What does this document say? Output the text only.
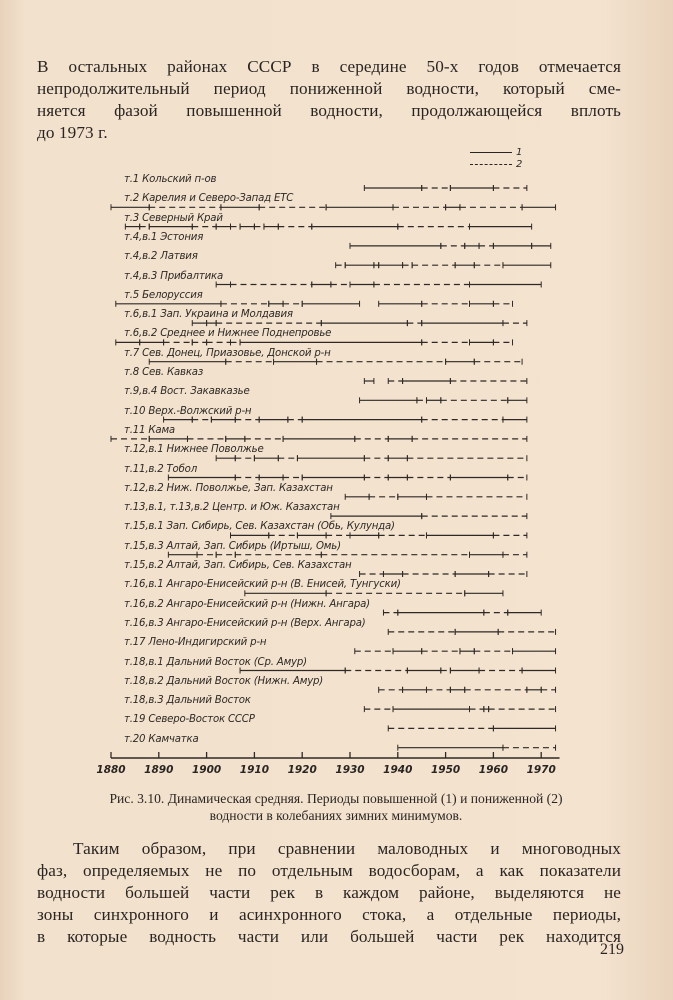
В остальных районах СССР в середине 50-х годов отмечается
непродолжительный период пониженной водности, который сме-
няется фазой повышенной водности, продолжающейся вплоть
до 1973 г.
1
2
т.1 Кольский п-ов
т.2 Карелия и Северо-Запад ЕТС
т.3 Северный Край
т.4,в.1 Эстония
т.4,в.2 Латвия
т.4,в.3 Прибалтика
т.5 Белоруссия
т.6,в.1 Зап. Украина и Молдавия
т.6,в.2 Среднее и Нижнее Поднепровье
т.7 Сев. Донец, Приазовье, Донской р-н
т.8 Сев. Кавказ
т.9,в.4 Вост. Закавказье
т.10 Верх.-Волжский р-н
т.11 Кама
т.12,в.1 Нижнее Поволжье
т.11,в.2 Тобол
т.12,в.2 Ниж. Поволжье, Зап. Казахстан
т.13,в.1, т.13,в.2 Центр. и Юж. Казахстан
т.15,в.1 Зап. Сибирь, Сев. Казахстан (Обь, Кулунда)
т.15,в.3 Алтай, Зап. Сибирь (Иртыш, Омь)
т.15,в.2 Алтай, Зап. Сибирь, Сев. Казахстан
т.16,в.1 Ангаро-Енисейский р-н (В. Енисей, Тунгуски)
т.16,в.2 Ангаро-Енисейский р-н (Нижн. Ангара)
т.16,в.3 Ангаро-Енисейский р-н (Верх. Ангара)
т.17 Лено-Индигирский р-н
т.18,в.1 Дальний Восток (Ср. Амур)
т.18,в.2 Дальний Восток (Нижн. Амур)
т.18,в.3 Дальний Восток
т.19 Северо-Восток СССР
т.20 Камчатка
1880 1890 1900 1910 1920 1930 1940 1950 1960 1970
Рис. 3.10. Динамическая средняя. Периоды повышенной (1) и пониженной (2)
водности в колебаниях зимних минимумов.
Таким образом, при сравнении маловодных и многоводных
фаз, определяемых не по отдельным водосборам, а как показатели
водности большей части рек в каждом районе, выделяются не
зоны синхронного и асинхронного стока, а отдельные периоды,
в которые водность части или большей части рек находится
219
